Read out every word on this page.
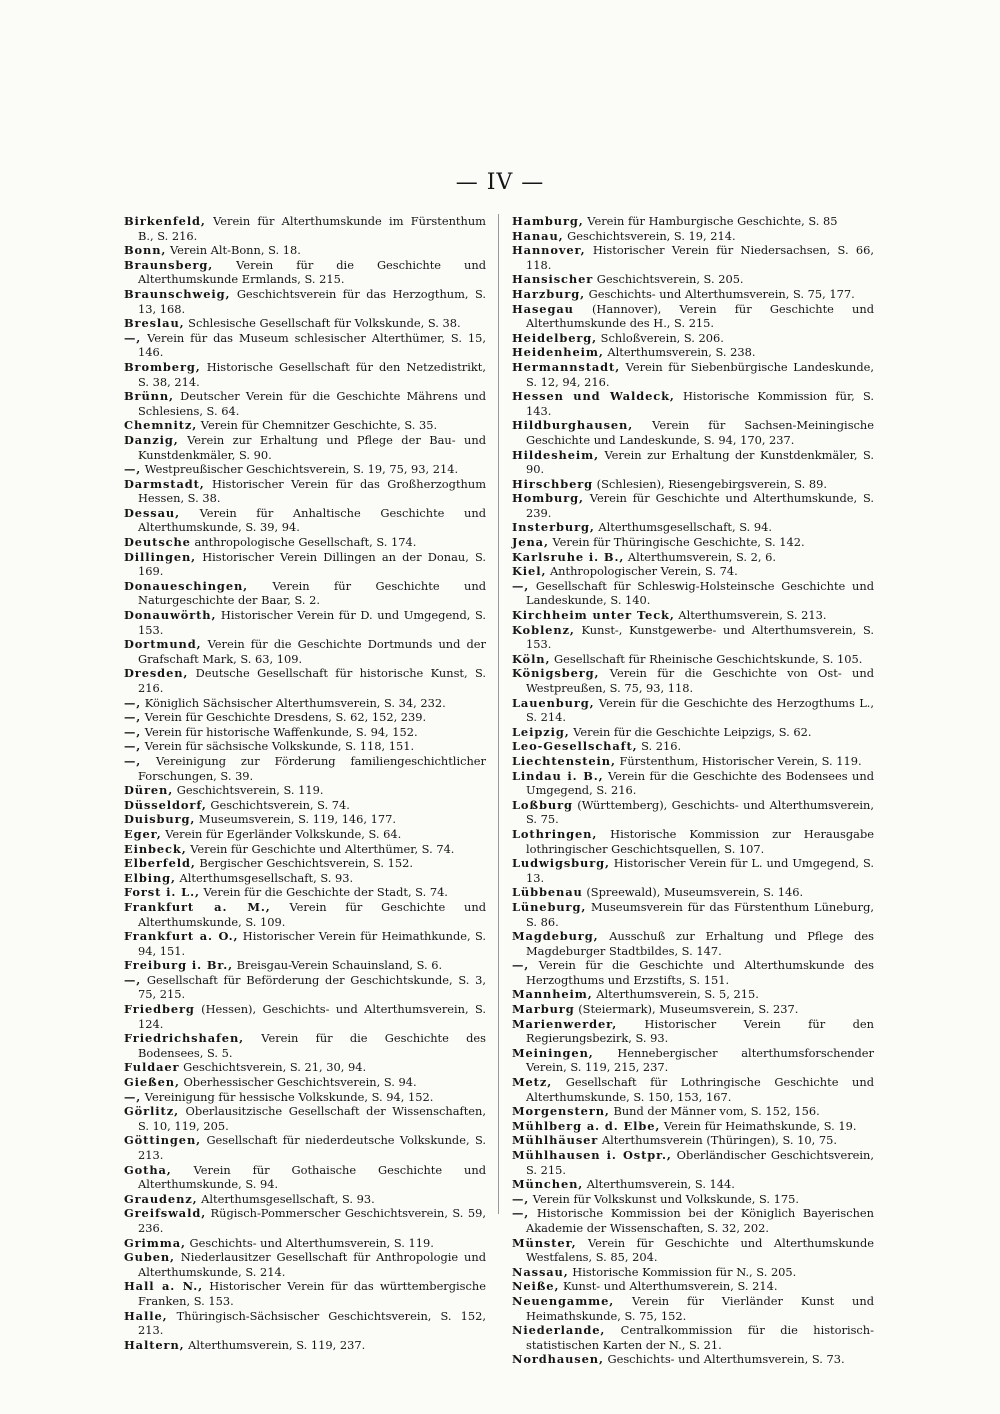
— IV —

Birkenfeld, Verein für Alterthumskunde im Fürstenthum B., S. 216.

Bonn, Verein Alt-Bonn, S. 18.

Braunsberg, Verein für die Geschichte und Alterthumskunde Ermlands, S. 215.

Braunschweig, Geschichtsverein für das Herzogthum, S. 13, 168.

Breslau, Schlesische Gesellschaft für Volkskunde, S. 38.

—, Verein für das Museum schlesischer Alterthümer, S. 15, 146.

Bromberg, Historische Gesellschaft für den Netzedistrikt, S. 38, 214.

Brünn, Deutscher Verein für die Geschichte Mährens und Schlesiens, S. 64.

Chemnitz, Verein für Chemnitzer Geschichte, S. 35.

Danzig, Verein zur Erhaltung und Pflege der Bau- und Kunstdenkmäler, S. 90.

—, Westpreußischer Geschichtsverein, S. 19, 75, 93, 214.

Darmstadt, Historischer Verein für das Großherzogthum Hessen, S. 38.

Dessau, Verein für Anhaltische Geschichte und Alterthumskunde, S. 39, 94.

Deutsche anthropologische Gesellschaft, S. 174.

Dillingen, Historischer Verein Dillingen an der Donau, S. 169.

Donaueschingen, Verein für Geschichte und Naturgeschichte der Baar, S. 2.

Donauwörth, Historischer Verein für D. und Umgegend, S. 153.

Dortmund, Verein für die Geschichte Dortmunds und der Grafschaft Mark, S. 63, 109.

Dresden, Deutsche Gesellschaft für historische Kunst, S. 216.

—, Königlich Sächsischer Alterthumsverein, S. 34, 232.

—, Verein für Geschichte Dresdens, S. 62, 152, 239.

—, Verein für historische Waffenkunde, S. 94, 152.

—, Verein für sächsische Volkskunde, S. 118, 151.

—, Vereinigung zur Förderung familiengeschichtlicher Forschungen, S. 39.

Düren, Geschichtsverein, S. 119.

Düsseldorf, Geschichtsverein, S. 74.

Duisburg, Museumsverein, S. 119, 146, 177.

Eger, Verein für Egerländer Volkskunde, S. 64.

Einbeck, Verein für Geschichte und Alterthümer, S. 74.

Elberfeld, Bergischer Geschichtsverein, S. 152.

Elbing, Alterthumsgesellschaft, S. 93.

Forst i. L., Verein für die Geschichte der Stadt, S. 74.

Frankfurt a. M., Verein für Geschichte und Alterthumskunde, S. 109.

Frankfurt a. O., Historischer Verein für Heimathkunde, S. 94, 151.

Freiburg i. Br., Breisgau-Verein Schauinsland, S. 6.

—, Gesellschaft für Beförderung der Geschichtskunde, S. 3, 75, 215.

Friedberg (Hessen), Geschichts- und Alterthumsverein, S. 124.

Friedrichshafen, Verein für die Geschichte des Bodensees, S. 5.

Fuldaer Geschichtsverein, S. 21, 30, 94.

Gießen, Oberhessischer Geschichtsverein, S. 94.

—, Vereinigung für hessische Volkskunde, S. 94, 152.

Görlitz, Oberlausitzische Gesellschaft der Wissenschaften, S. 10, 119, 205.

Göttingen, Gesellschaft für niederdeutsche Volkskunde, S. 213.

Gotha, Verein für Gothaische Geschichte und Alterthumskunde, S. 94.

Graudenz, Alterthumsgesellschaft, S. 93.

Greifswald, Rügisch-Pommerscher Geschichtsverein, S. 59, 236.

Grimma, Geschichts- und Alterthumsverein, S. 119.

Guben, Niederlausitzer Gesellschaft für Anthropologie und Alterthumskunde, S. 214.

Hall a. N., Historischer Verein für das württembergische Franken, S. 153.

Halle, Thüringisch-Sächsischer Geschichtsverein, S. 152, 213.

Haltern, Alterthumsverein, S. 119, 237.

Hamburg, Verein für Hamburgische Geschichte, S. 85

Hanau, Geschichtsverein, S. 19, 214.

Hannover, Historischer Verein für Niedersachsen, S. 66, 118.

Hansischer Geschichtsverein, S. 205.

Harzburg, Geschichts- und Alterthumsverein, S. 75, 177.

Hasegau (Hannover), Verein für Geschichte und Alterthumskunde des H., S. 215.

Heidelberg, Schloßverein, S. 206.

Heidenheim, Alterthumsverein, S. 238.

Hermannstadt, Verein für Siebenbürgische Landeskunde, S. 12, 94, 216.

Hessen und Waldeck, Historische Kommission für, S. 143.

Hildburghausen, Verein für Sachsen-Meiningische Geschichte und Landeskunde, S. 94, 170, 237.

Hildesheim, Verein zur Erhaltung der Kunstdenkmäler, S. 90.

Hirschberg (Schlesien), Riesengebirgsverein, S. 89.

Homburg, Verein für Geschichte und Alterthumskunde, S. 239.

Insterburg, Alterthumsgesellschaft, S. 94.

Jena, Verein für Thüringische Geschichte, S. 142.

Karlsruhe i. B., Alterthumsverein, S. 2, 6.

Kiel, Anthropologischer Verein, S. 74.

—, Gesellschaft für Schleswig-Holsteinsche Geschichte und Landeskunde, S. 140.

Kirchheim unter Teck, Alterthumsverein, S. 213.

Koblenz, Kunst-, Kunstgewerbe- und Alterthumsverein, S. 153.

Köln, Gesellschaft für Rheinische Geschichtskunde, S. 105.

Königsberg, Verein für die Geschichte von Ost- und Westpreußen, S. 75, 93, 118.

Lauenburg, Verein für die Geschichte des Herzogthums L., S. 214.

Leipzig, Verein für die Geschichte Leipzigs, S. 62.

Leo-Gesellschaft, S. 216.

Liechtenstein, Fürstenthum, Historischer Verein, S. 119.

Lindau i. B., Verein für die Geschichte des Bodensees und Umgegend, S. 216.

Loßburg (Württemberg), Geschichts- und Alterthumsverein, S. 75.

Lothringen, Historische Kommission zur Herausgabe lothringischer Geschichtsquellen, S. 107.

Ludwigsburg, Historischer Verein für L. und Umgegend, S. 13.

Lübbenau (Spreewald), Museumsverein, S. 146.

Lüneburg, Museumsverein für das Fürstenthum Lüneburg, S. 86.

Magdeburg, Ausschuß zur Erhaltung und Pflege des Magdeburger Stadtbildes, S. 147.

—, Verein für die Geschichte und Alterthumskunde des Herzogthums und Erzstifts, S. 151.

Mannheim, Alterthumsverein, S. 5, 215.

Marburg (Steiermark), Museumsverein, S. 237.

Marienwerder, Historischer Verein für den Regierungsbezirk, S. 93.

Meiningen, Hennebergischer alterthumsforschender Verein, S. 119, 215, 237.

Metz, Gesellschaft für Lothringische Geschichte und Alterthumskunde, S. 150, 153, 167.

Morgenstern, Bund der Männer vom, S. 152, 156.

Mühlberg a. d. Elbe, Verein für Heimathskunde, S. 19.

Mühlhäuser Alterthumsverein (Thüringen), S. 10, 75.

Mühlhausen i. Ostpr., Oberländischer Geschichtsverein, S. 215.

München, Alterthumsverein, S. 144.

—, Verein für Volkskunst und Volkskunde, S. 175.

—, Historische Kommission bei der Königlich Bayerischen Akademie der Wissenschaften, S. 32, 202.

Münster, Verein für Geschichte und Alterthumskunde Westfalens, S. 85, 204.

Nassau, Historische Kommission für N., S. 205.

Neiße, Kunst- und Alterthumsverein, S. 214.

Neuengamme, Verein für Vierländer Kunst und Heimathskunde, S. 75, 152.

Niederlande, Centralkommission für die historisch-statistischen Karten der N., S. 21.

Nordhausen, Geschichts- und Alterthumsverein, S. 73.
